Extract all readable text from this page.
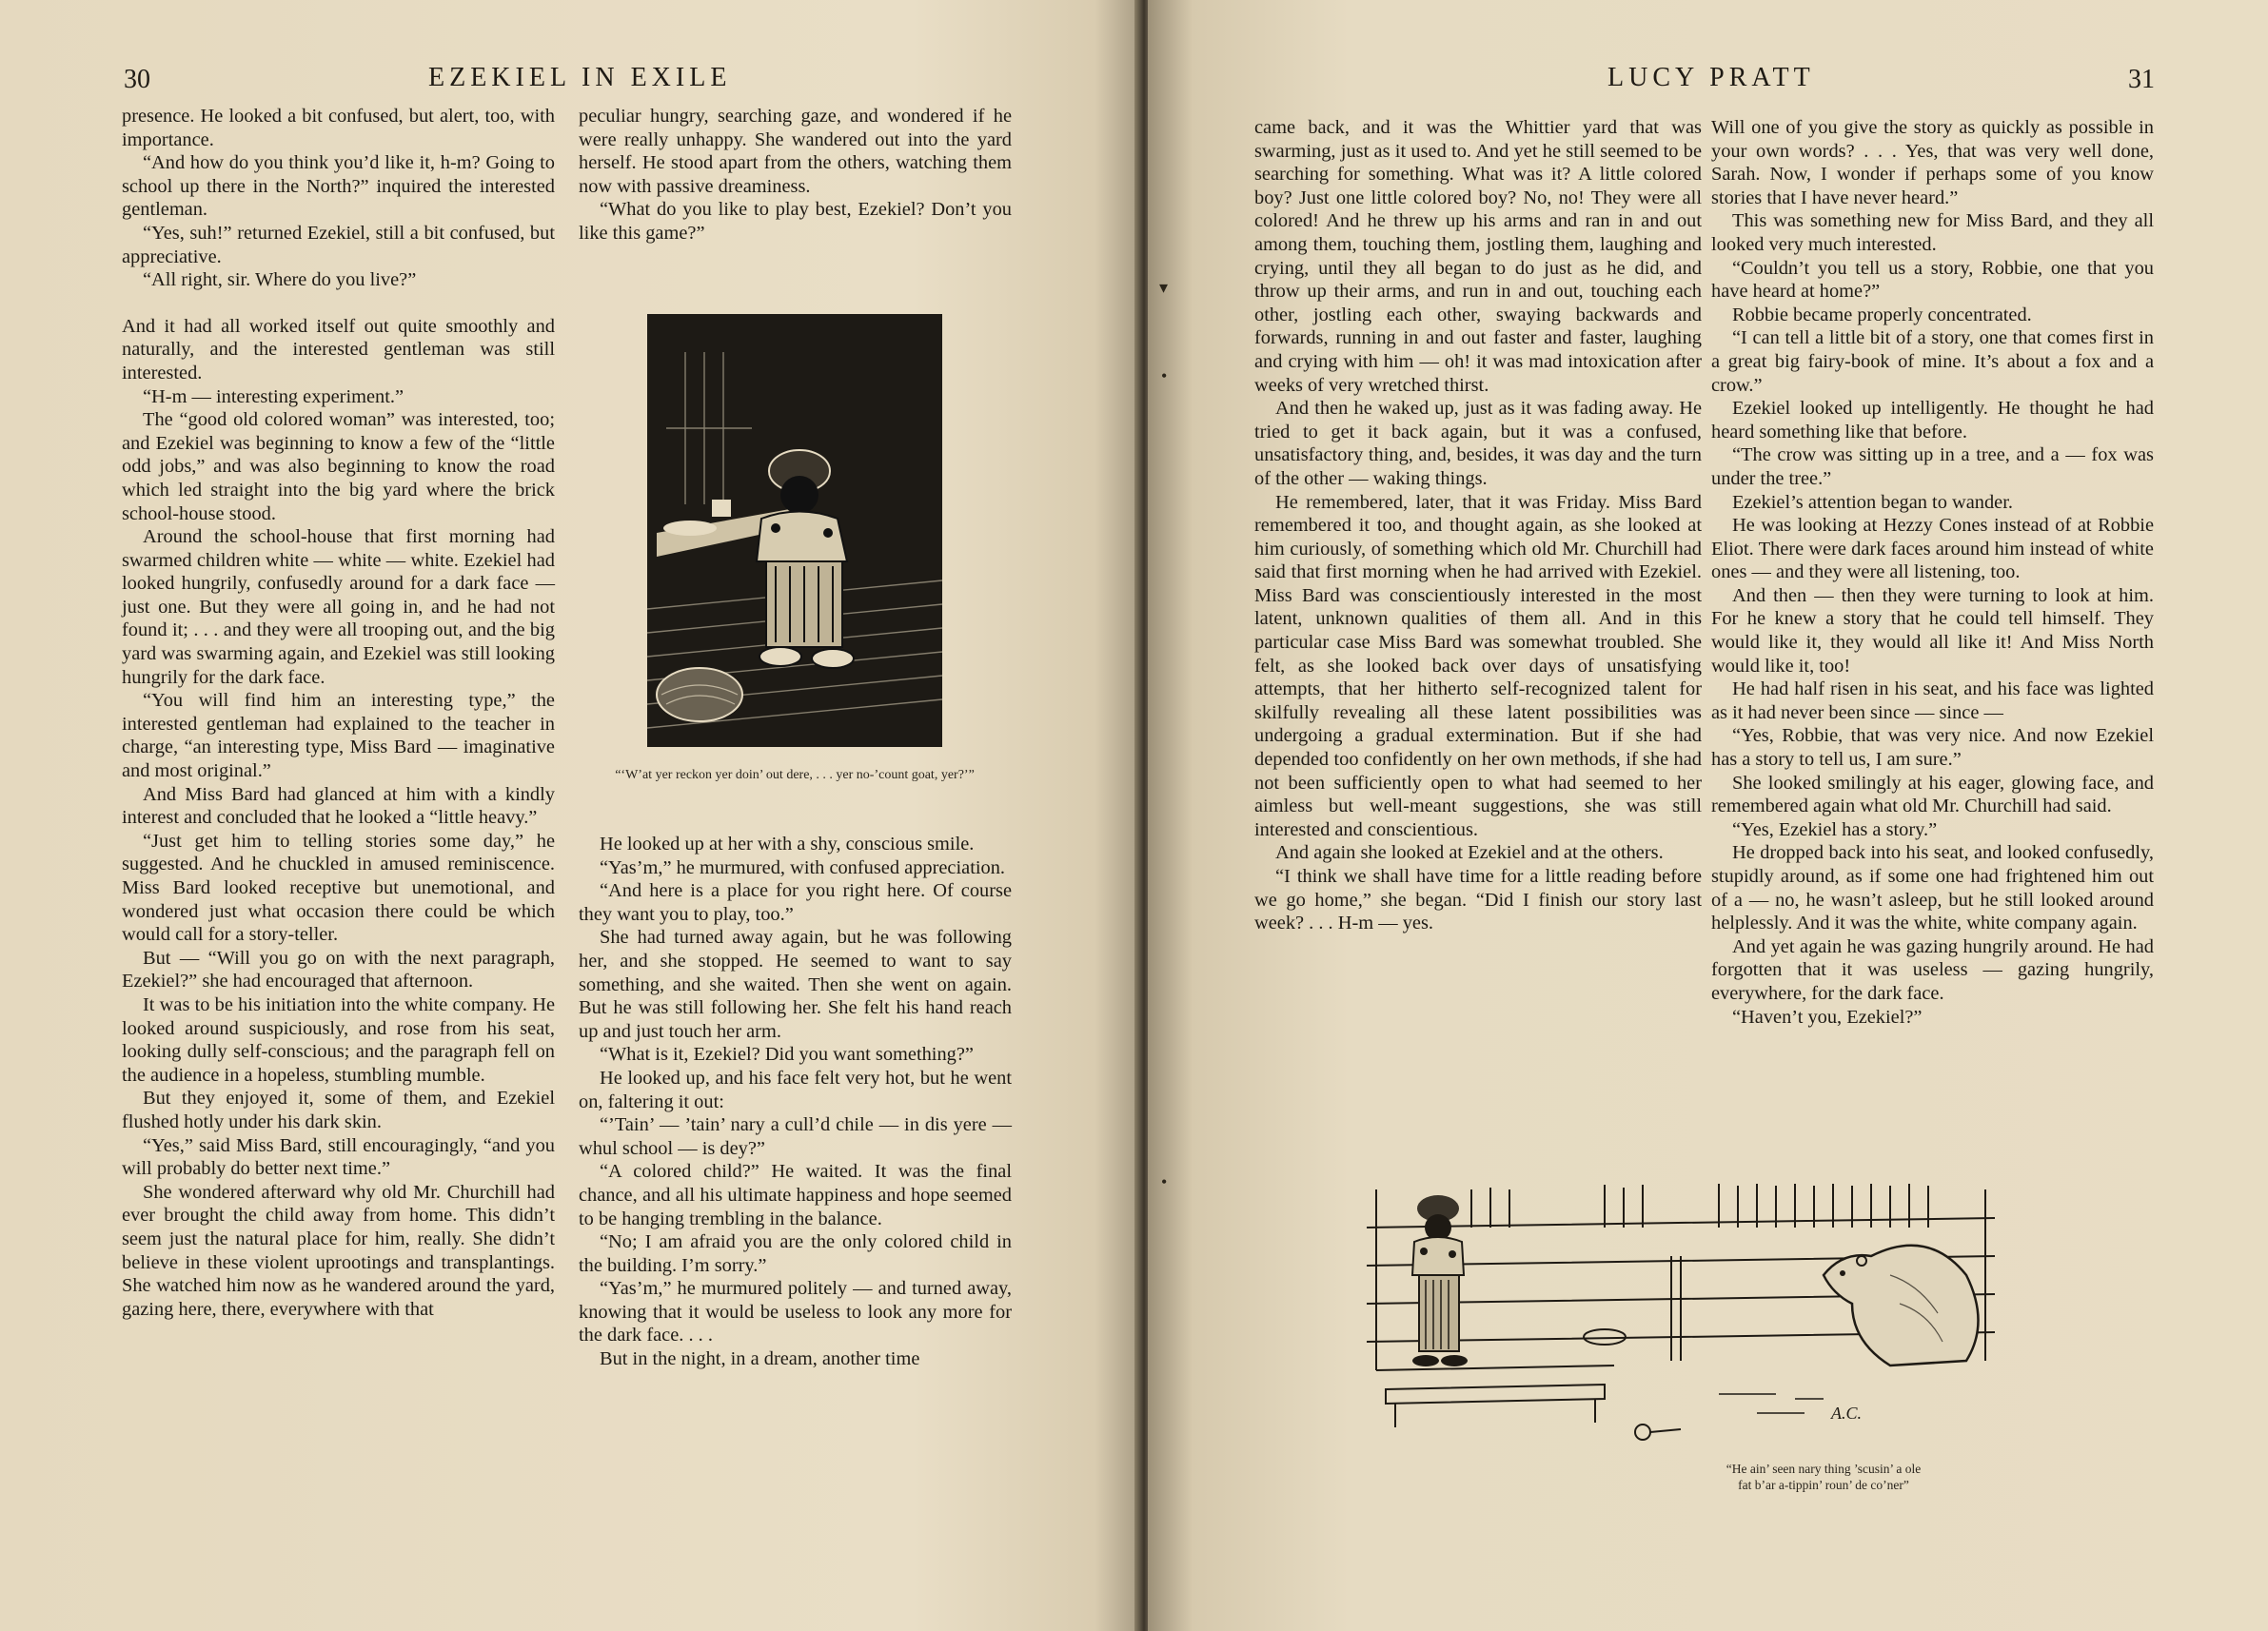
30	EZEKIEL IN EXILE

presence. He looked a bit confused, but alert, too, with importance.

“And how do you think you’d like it, h-m? Going to school up there in the North?” inquired the interested gentleman.

“Yes, suh!” returned Ezekiel, still a bit confused, but appreciative.

“All right, sir. Where do you live?”

And it had all worked itself out quite smoothly and naturally, and the interested gentleman was still interested.

“H-m — interesting experiment.”

The “good old colored woman” was interested, too; and Ezekiel was beginning to know a few of the “little odd jobs,” and was also beginning to know the road which led straight into the big yard where the brick school-house stood.

Around the school-house that first morning had swarmed children white — white — white. Ezekiel had looked hungrily, confusedly around for a dark face — just one. But they were all going in, and he had not found it; . . . and they were all trooping out, and the big yard was swarming again, and Ezekiel was still looking hungrily for the dark face.

“You will find him an interesting type,” the interested gentleman had explained to the teacher in charge, “an interesting type, Miss Bard — imaginative and most original.”

And Miss Bard had glanced at him with a kindly interest and concluded that he looked a “little heavy.”

“Just get him to telling stories some day,” he suggested. And he chuckled in amused reminiscence. Miss Bard looked receptive but unemotional, and wondered just what occasion there could be which would call for a story-teller.

But — “Will you go on with the next paragraph, Ezekiel?” she had encouraged that afternoon.

It was to be his initiation into the white company. He looked around suspiciously, and rose from his seat, looking dully self-conscious; and the paragraph fell on the audience in a hopeless, stumbling mumble.

But they enjoyed it, some of them, and Ezekiel flushed hotly under his dark skin.

“Yes,” said Miss Bard, still encouragingly, “and you will probably do better next time.”

She wondered afterward why old Mr. Churchill had ever brought the child away from home. This didn’t seem just the natural place for him, really. She didn’t believe in these violent uprootings and transplantings. She watched him now as he wandered around the yard, gazing here, there, everywhere with that

peculiar hungry, searching gaze, and wondered if he were really unhappy. She wandered out into the yard herself. He stood apart from the others, watching them now with passive dreaminess.

“What do you like to play best, Ezekiel? Don’t you like this game?”

“‘W’at yer reckon yer doin’ out dere, . . . yer no-’count goat, yer?’”

He looked up at her with a shy, conscious smile.

“Yas’m,” he murmured, with confused appreciation.

“And here is a place for you right here. Of course they want you to play, too.”

She had turned away again, but he was following her, and she stopped. He seemed to want to say something, and she waited. Then she went on again. But he was still following her. She felt his hand reach up and just touch her arm.

“What is it, Ezekiel? Did you want something?”

He looked up, and his face felt very hot, but he went on, faltering it out:

“’Tain’ — ’tain’ nary a cull’d chile — in dis yere — whul school — is dey?”

“A colored child?” He waited. It was the final chance, and all his ultimate happiness and hope seemed to be hanging trembling in the balance.

“No; I am afraid you are the only colored child in the building. I’m sorry.”

“Yas’m,” he murmured politely — and turned away, knowing that it would be useless to look any more for the dark face. . . .

But in the night, in a dream, another time

LUCY PRATT	31
▾
•
•

came back, and it was the Whittier yard that was swarming, just as it used to. And yet he still seemed to be searching for something. What was it? A little colored boy? Just one little colored boy? No, no! They were all colored! And he threw up his arms and ran in and out among them, touching them, jostling them, laughing and crying, until they all began to do just as he did, and throw up their arms, and run in and out, touching each other, jostling each other, swaying backwards and forwards, running in and out faster and faster, laughing and crying with him — oh! it was mad intoxication after weeks of very wretched thirst.

And then he waked up, just as it was fading away. He tried to get it back again, but it was a confused, unsatisfactory thing, and, besides, it was day and the turn of the other — waking things.

He remembered, later, that it was Friday. Miss Bard remembered it too, and thought again, as she looked at him curiously, of something which old Mr. Churchill had said that first morning when he had arrived with Ezekiel. Miss Bard was conscientiously interested in the most latent, unknown qualities of them all. And in this particular case Miss Bard was somewhat troubled. She felt, as she looked back over days of unsatisfying attempts, that her hitherto self-recognized talent for skilfully revealing all these latent possibilities was undergoing a gradual extermination. But if she had depended too confidently on her own methods, if she had not been sufficiently open to what had seemed to her aimless but well-meant suggestions, she was still interested and conscientious.

And again she looked at Ezekiel and at the others.

“I think we shall have time for a little reading before we go home,” she began. “Did I finish our story last week? . . . H-m — yes.

Will one of you give the story as quickly as possible in your own words? . . . Yes, that was very well done, Sarah. Now, I wonder if perhaps some of you know stories that I have never heard.”

This was something new for Miss Bard, and they all looked very much interested.

“Couldn’t you tell us a story, Robbie, one that you have heard at home?”

Robbie became properly concentrated.

“I can tell a little bit of a story, one that comes first in a great big fairy-book of mine. It’s about a fox and a crow.”

Ezekiel looked up intelligently. He thought he had heard something like that before.

“The crow was sitting up in a tree, and a — fox was under the tree.”

Ezekiel’s attention began to wander.

He was looking at Hezzy Cones instead of at Robbie Eliot. There were dark faces around him instead of white ones — and they were all listening, too.

And then — then they were turning to look at him. For he knew a story that he could tell himself. They would like it, they would all like it! And Miss North would like it, too!

He had half risen in his seat, and his face was lighted as it had never been since — since —

“Yes, Robbie, that was very nice. And now Ezekiel has a story to tell us, I am sure.”

She looked smilingly at his eager, glowing face, and remembered again what old Mr. Churchill had said.

“Yes, Ezekiel has a story.”

He dropped back into his seat, and looked confusedly, stupidly around, as if some one had frightened him out of a — no, he wasn’t asleep, but he still looked around helplessly. And it was the white, white company again.

And yet again he was gazing hungrily around. He had forgotten that it was useless — gazing hungrily, everywhere, for the dark face.

“Haven’t you, Ezekiel?”

A.C.
“He ain’ seen nary thing ’scusin’ a ole
fat b’ar a-tippin’ roun’ de co’ner”
